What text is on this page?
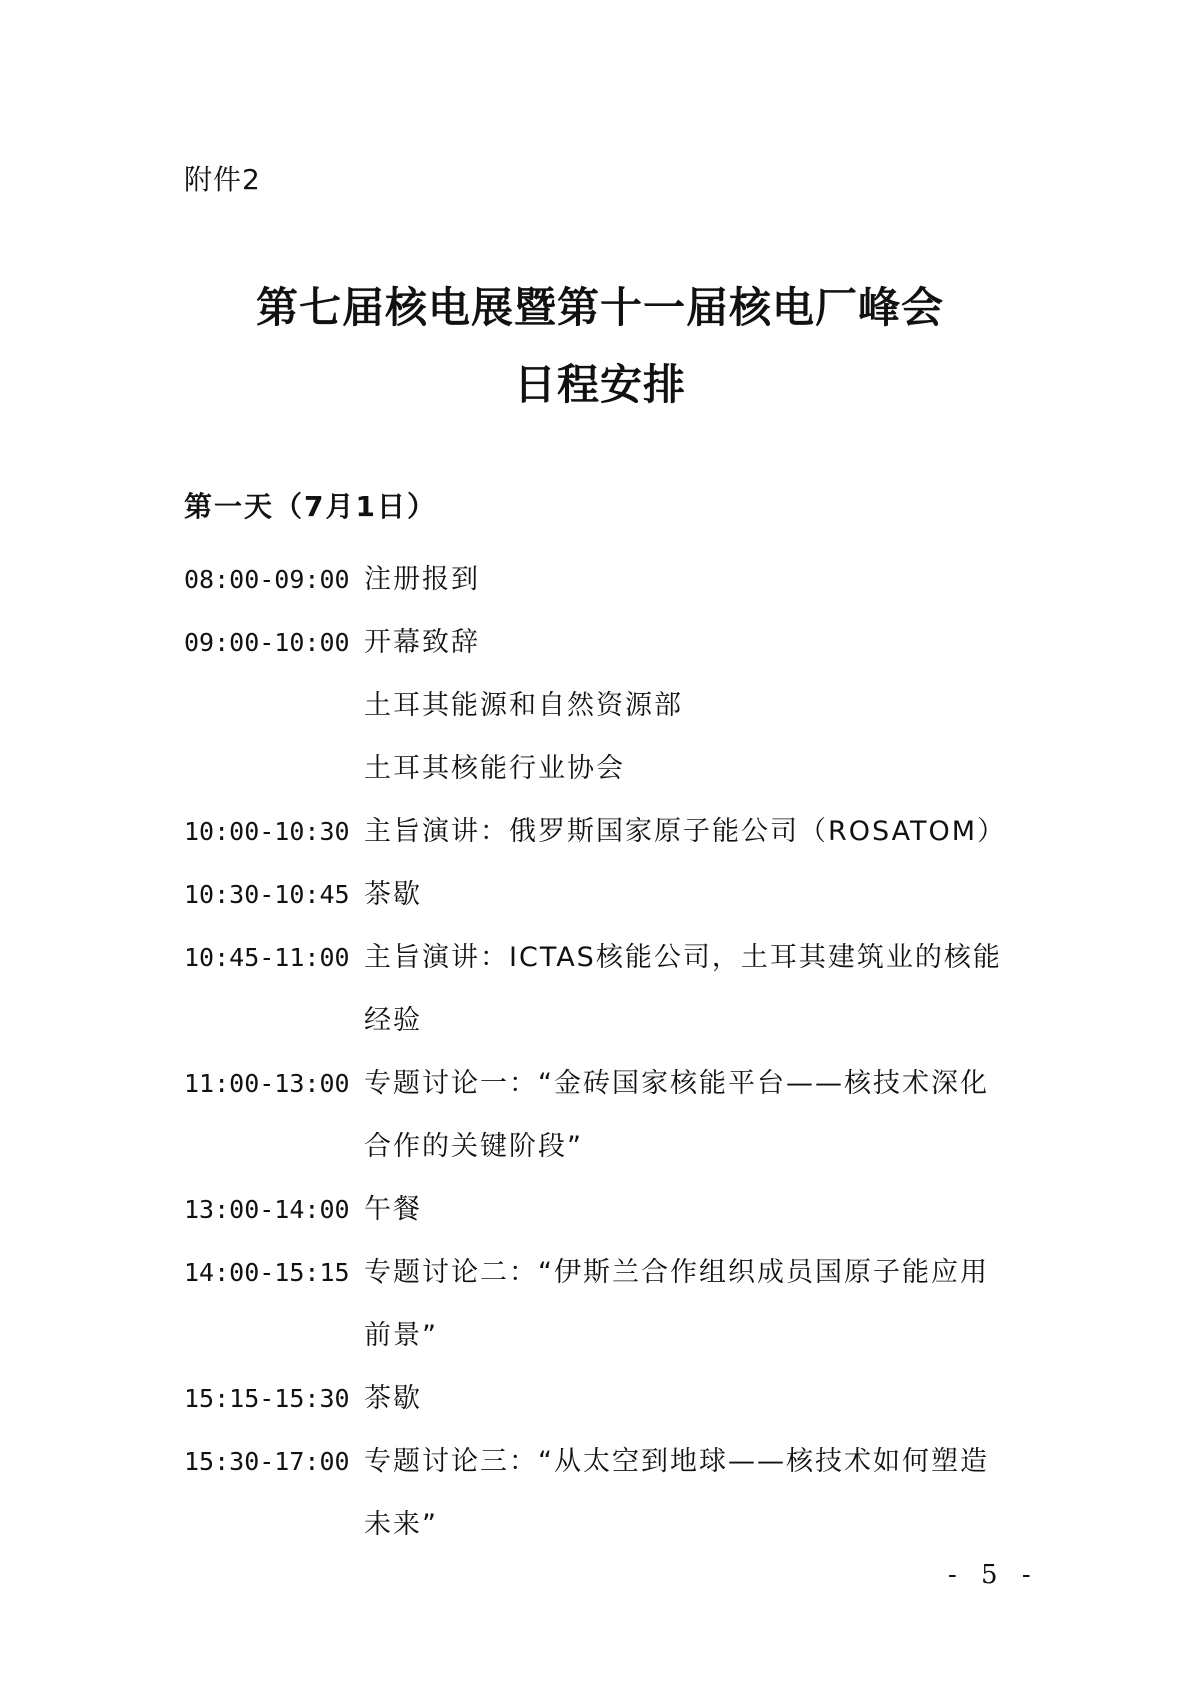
附件2
第七届核电展暨第十一届核电厂峰会
日程安排
第一天（7月1日）
08:00-09:00 注册报到
09:00-10:00 开幕致辞
土耳其能源和自然资源部
土耳其核能行业协会
10:00-10:30 主旨演讲：俄罗斯国家原子能公司（ROSATOM）
10:30-10:45 茶歇
10:45-11:00 主旨演讲：ICTAS核能公司，土耳其建筑业的核能
经验
11:00-13:00 专题讨论一：“金砖国家核能平台——核技术深化
合作的关键阶段”
13:00-14:00 午餐
14:00-15:15 专题讨论二：“伊斯兰合作组织成员国原子能应用
前景”
15:15-15:30 茶歇
15:30-17:00 专题讨论三：“从太空到地球——核技术如何塑造
未来”
- 5 -
